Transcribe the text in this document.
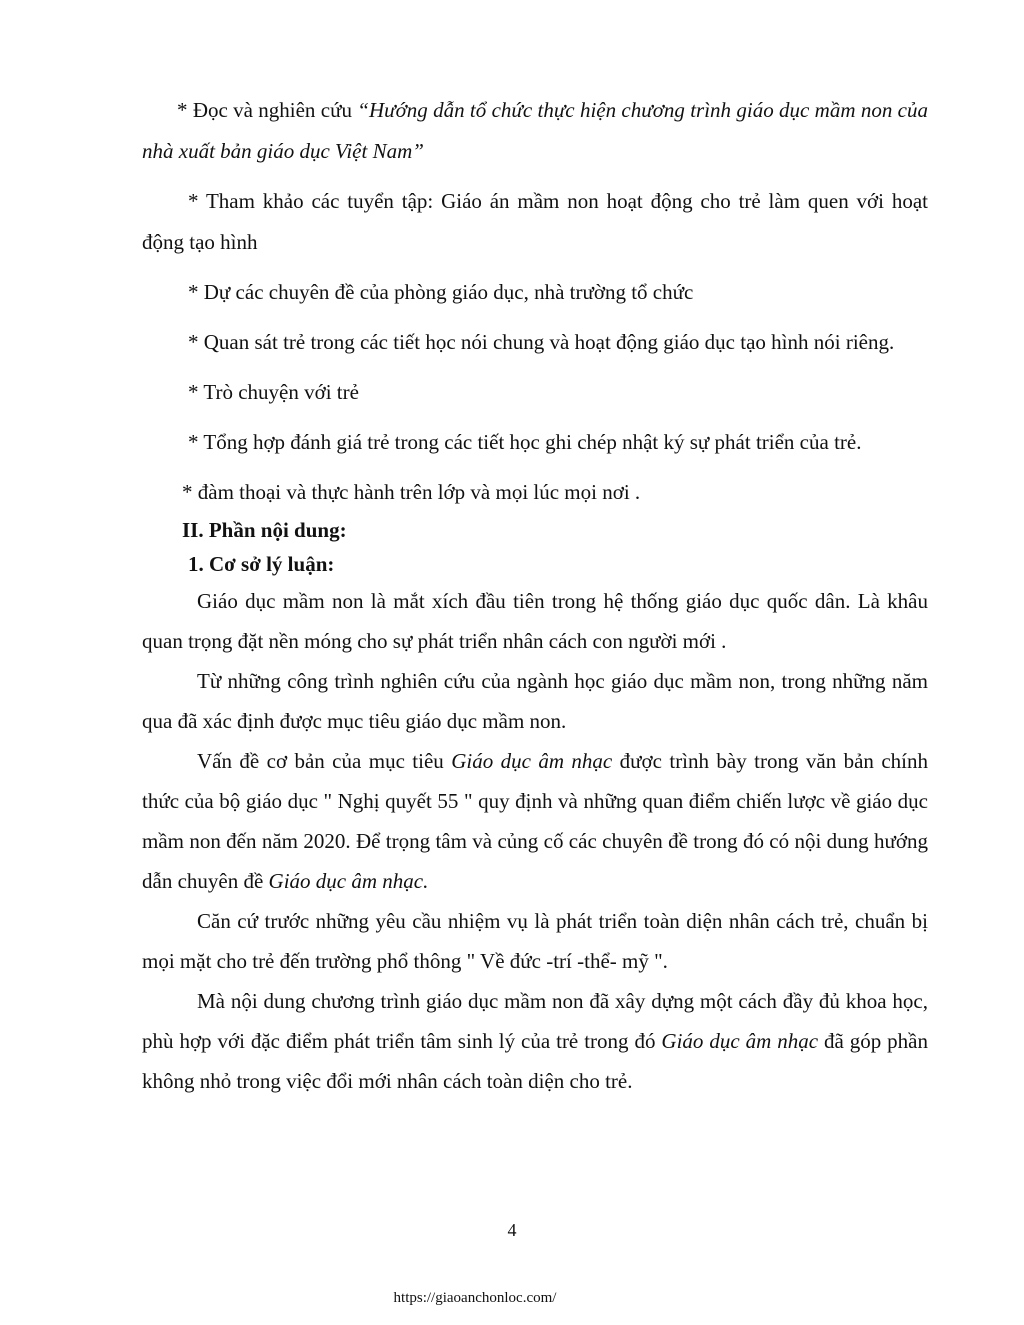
* Đọc và nghiên cứu “Hướng dẫn tổ chức thực hiện chương trình giáo dục mầm non của nhà xuất bản giáo dục Việt Nam”

* Tham khảo các tuyển tập: Giáo án mầm non hoạt động cho trẻ làm quen với hoạt động tạo hình

* Dự các chuyên đề của phòng giáo dục, nhà trường tổ chức

* Quan sát trẻ trong các tiết học nói chung và hoạt động giáo dục tạo hình nói riêng.

* Trò chuyện với trẻ

* Tổng hợp đánh giá trẻ trong các tiết học ghi chép nhật ký sự phát triển của trẻ.

* đàm thoại và thực hành trên lớp và mọi lúc mọi nơi .

II. Phần nội dung:

1. Cơ sở lý luận:

Giáo dục mầm non là mắt xích đầu tiên trong hệ thống giáo dục quốc dân. Là khâu quan trọng đặt nền móng cho sự phát triển nhân cách con người mới .

Từ những công trình nghiên cứu của ngành học giáo dục mầm non, trong những năm qua đã xác định được mục tiêu giáo dục mầm non.

Vấn đề cơ bản của mục tiêu Giáo dục âm nhạc được trình bày trong văn bản chính thức của bộ giáo dục " Nghị quyết 55 " quy định và những quan điểm chiến lược về giáo dục mầm non đến năm 2020. Để trọng tâm và củng cố các chuyên đề trong đó có nội dung hướng dẫn chuyên đề Giáo dục âm nhạc.

Căn cứ trước những yêu cầu nhiệm vụ là phát triển toàn diện nhân cách trẻ, chuẩn bị mọi mặt cho trẻ đến trường phổ thông " Về đức -trí -thể- mỹ ".

Mà nội dung chương trình giáo dục mầm non đã xây dựng một cách đầy đủ khoa học, phù hợp với đặc điểm phát triển tâm sinh lý của trẻ trong đó Giáo dục âm nhạc đã góp phần không nhỏ trong việc đổi mới nhân cách toàn diện cho trẻ.

4
https://giaoanchonloc.com/
